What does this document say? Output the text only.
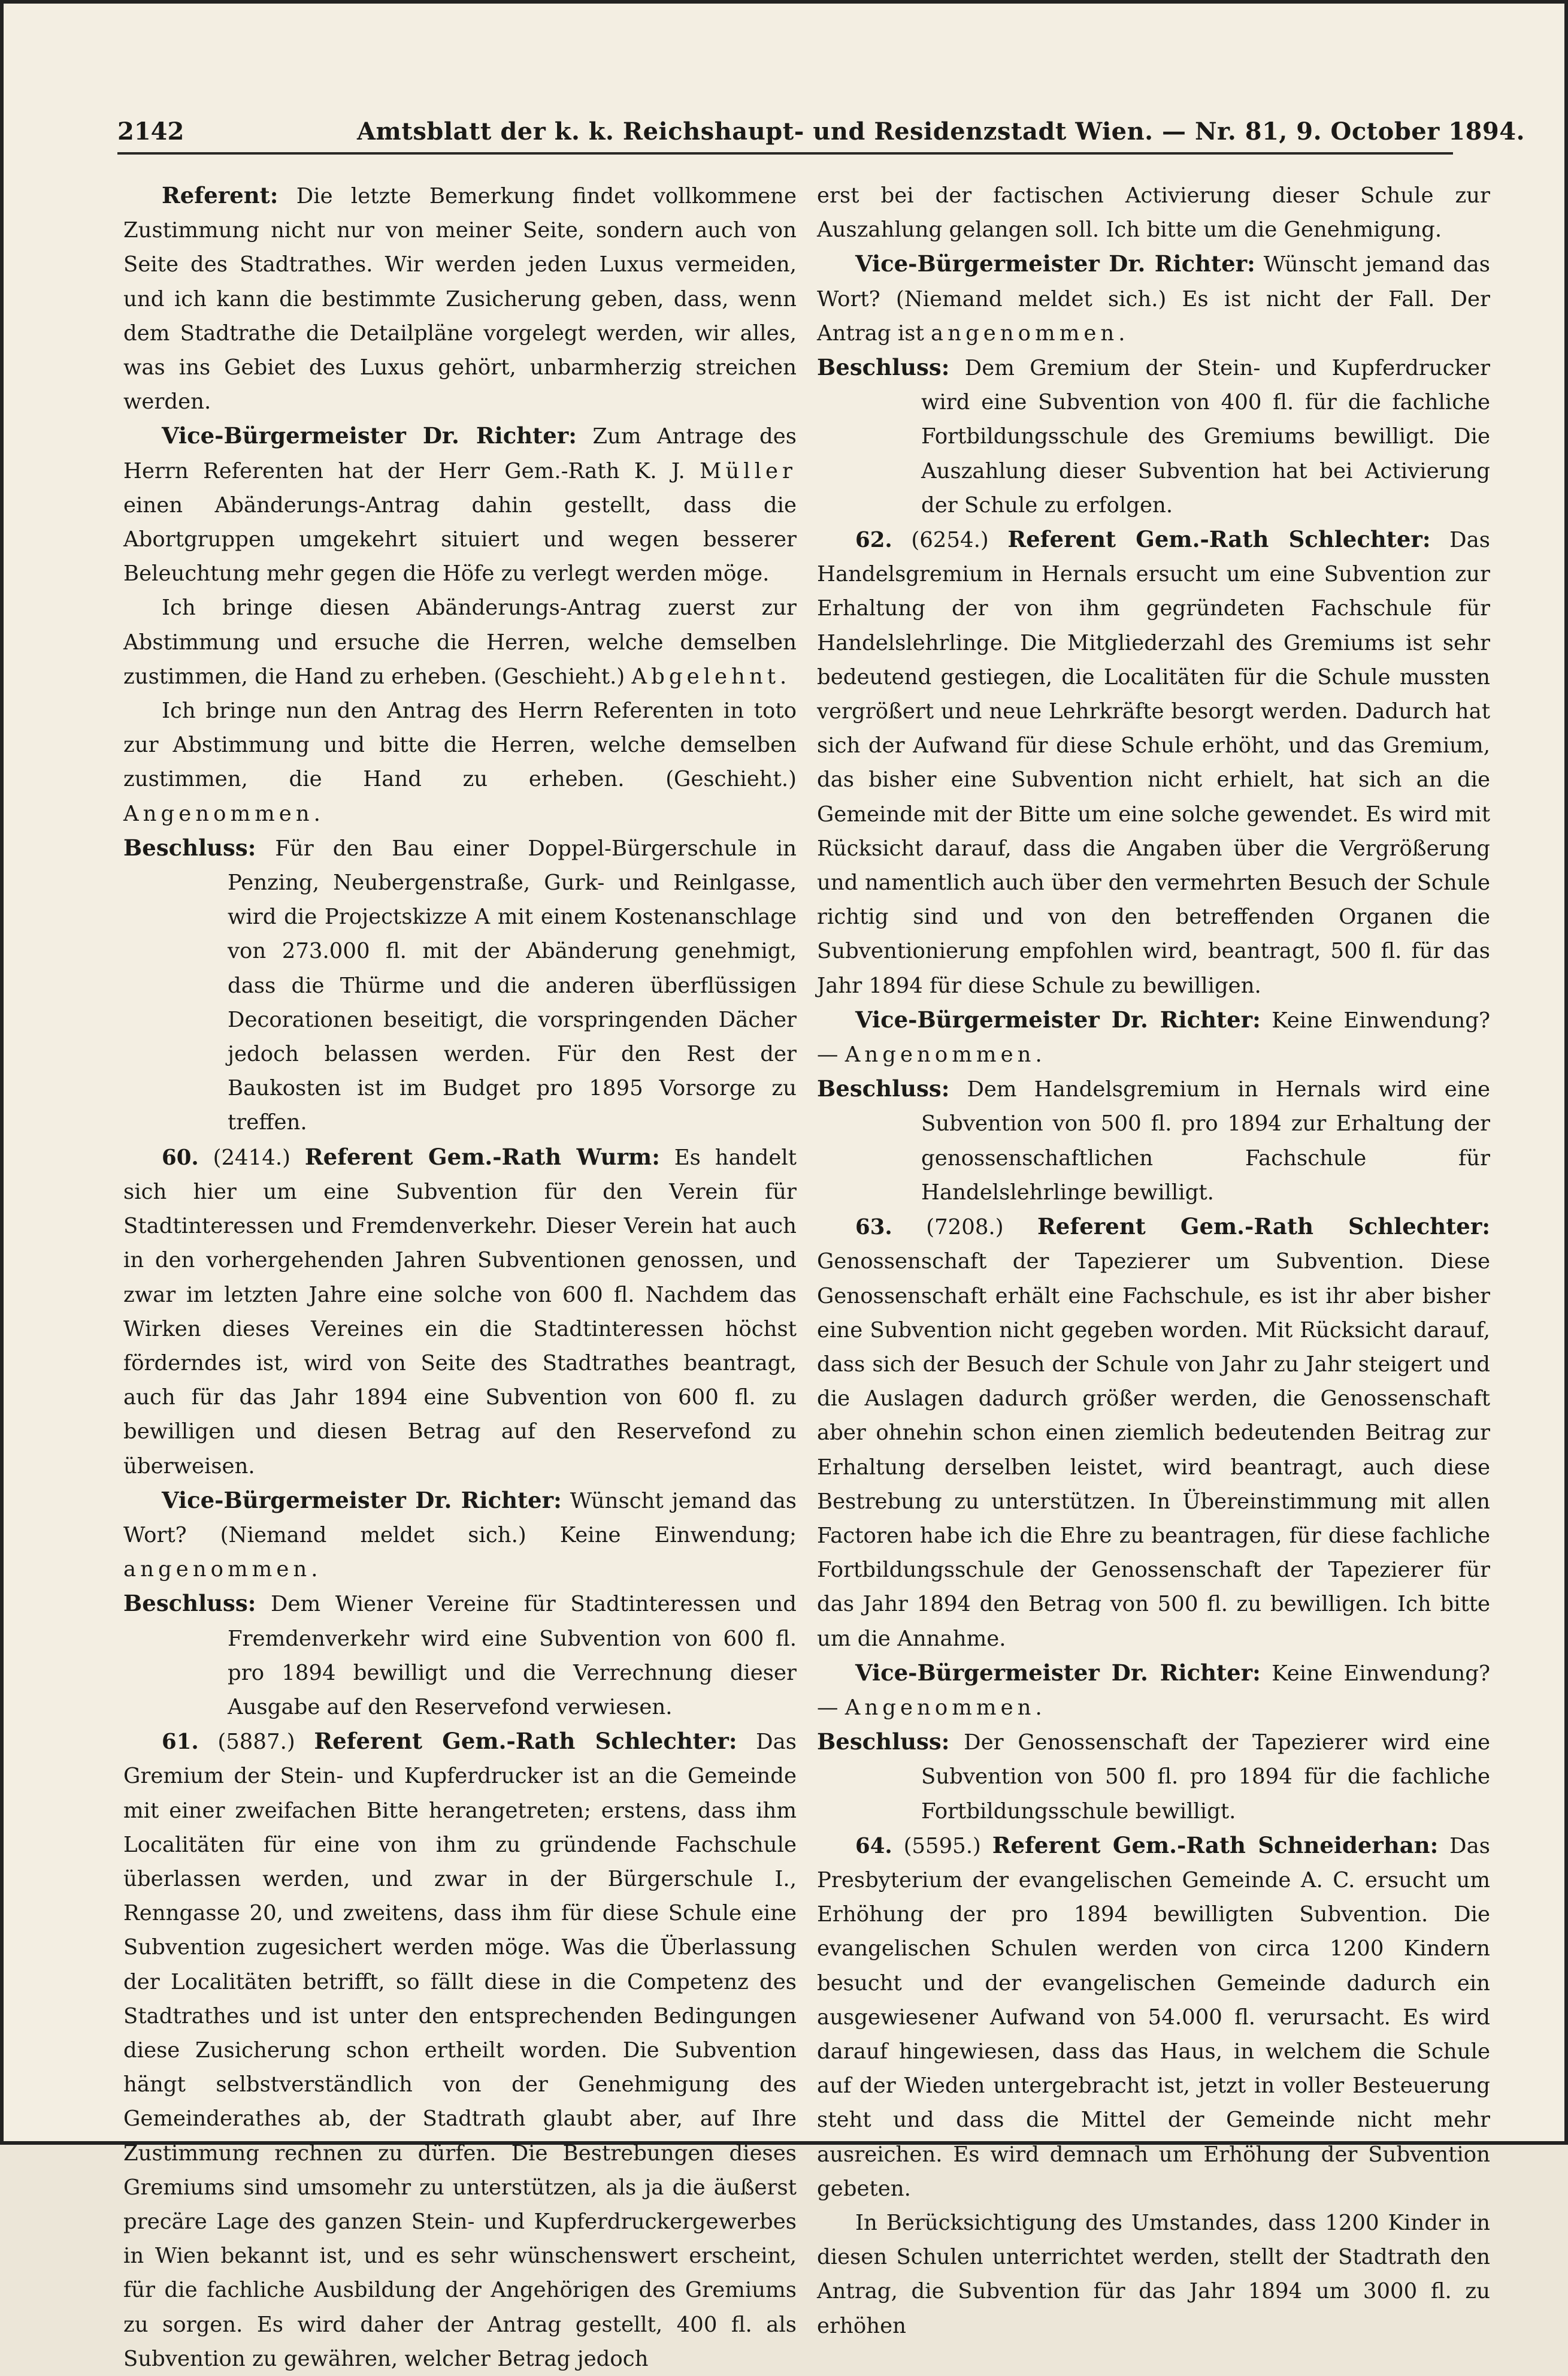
2142	Amtsblatt der k. k. Reichshaupt- und Residenzstadt Wien. — Nr. 81, 9. October 1894.

Referent: Die letzte Bemerkung findet vollkommene Zustimmung nicht nur von meiner Seite, sondern auch von Seite des Stadtrathes. Wir werden jeden Luxus vermeiden, und ich kann die bestimmte Zusicherung geben, dass, wenn dem Stadtrathe die Detailpläne vorgelegt werden, wir alles, was ins Gebiet des Luxus gehört, unbarmherzig streichen werden.

Vice-Bürgermeister Dr. Richter: Zum Antrage des Herrn Referenten hat der Herr Gem.-Rath K. J. Müller einen Abänderungs-Antrag dahin gestellt, dass die Abortgruppen umgekehrt situiert und wegen besserer Beleuchtung mehr gegen die Höfe zu verlegt werden möge.

Ich bringe diesen Abänderungs-Antrag zuerst zur Abstimmung und ersuche die Herren, welche demselben zustimmen, die Hand zu erheben. (Geschieht.) Abgelehnt.

Ich bringe nun den Antrag des Herrn Referenten in toto zur Abstimmung und bitte die Herren, welche demselben zustimmen, die Hand zu erheben. (Geschieht.) Angenommen.

Beschluss: Für den Bau einer Doppel-Bürgerschule in Penzing, Neubergenstraße, Gurk- und Reinlgasse, wird die Projectskizze A mit einem Kostenanschlage von 273.000 fl. mit der Abänderung genehmigt, dass die Thürme und die anderen überflüssigen Decorationen beseitigt, die vorspringenden Dächer jedoch belassen werden. Für den Rest der Baukosten ist im Budget pro 1895 Vorsorge zu treffen.

60. (2414.) Referent Gem.-Rath Wurm: Es handelt sich hier um eine Subvention für den Verein für Stadtinteressen und Fremdenverkehr. Dieser Verein hat auch in den vorhergehenden Jahren Subventionen genossen, und zwar im letzten Jahre eine solche von 600 fl. Nachdem das Wirken dieses Vereines ein die Stadtinteressen höchst förderndes ist, wird von Seite des Stadtrathes beantragt, auch für das Jahr 1894 eine Subvention von 600 fl. zu bewilligen und diesen Betrag auf den Reservefond zu überweisen.

Vice-Bürgermeister Dr. Richter: Wünscht jemand das Wort? (Niemand meldet sich.) Keine Einwendung; angenommen.

Beschluss: Dem Wiener Vereine für Stadtinteressen und Fremdenverkehr wird eine Subvention von 600 fl. pro 1894 bewilligt und die Verrechnung dieser Ausgabe auf den Reservefond verwiesen.

61. (5887.) Referent Gem.-Rath Schlechter: Das Gremium der Stein- und Kupferdrucker ist an die Gemeinde mit einer zweifachen Bitte herangetreten; erstens, dass ihm Localitäten für eine von ihm zu gründende Fachschule überlassen werden, und zwar in der Bürgerschule I., Renngasse 20, und zweitens, dass ihm für diese Schule eine Subvention zugesichert werden möge. Was die Überlassung der Localitäten betrifft, so fällt diese in die Competenz des Stadtrathes und ist unter den entsprechenden Bedingungen diese Zusicherung schon ertheilt worden. Die Subvention hängt selbstverständlich von der Genehmigung des Gemeinderathes ab, der Stadtrath glaubt aber, auf Ihre Zustimmung rechnen zu dürfen. Die Bestrebungen dieses Gremiums sind umsomehr zu unterstützen, als ja die äußerst precäre Lage des ganzen Stein- und Kupferdruckergewerbes in Wien bekannt ist, und es sehr wünschenswert erscheint, für die fachliche Ausbildung der Angehörigen des Gremiums zu sorgen. Es wird daher der Antrag gestellt, 400 fl. als Subvention zu gewähren, welcher Betrag jedoch

erst bei der factischen Activierung dieser Schule zur Auszahlung gelangen soll. Ich bitte um die Genehmigung.

Vice-Bürgermeister Dr. Richter: Wünscht jemand das Wort? (Niemand meldet sich.) Es ist nicht der Fall. Der Antrag ist angenommen.

Beschluss: Dem Gremium der Stein- und Kupferdrucker wird eine Subvention von 400 fl. für die fachliche Fortbildungsschule des Gremiums bewilligt. Die Auszahlung dieser Subvention hat bei Activierung der Schule zu erfolgen.

62. (6254.) Referent Gem.-Rath Schlechter: Das Handelsgremium in Hernals ersucht um eine Subvention zur Erhaltung der von ihm gegründeten Fachschule für Handelslehrlinge. Die Mitgliederzahl des Gremiums ist sehr bedeutend gestiegen, die Localitäten für die Schule mussten vergrößert und neue Lehrkräfte besorgt werden. Dadurch hat sich der Aufwand für diese Schule erhöht, und das Gremium, das bisher eine Subvention nicht erhielt, hat sich an die Gemeinde mit der Bitte um eine solche gewendet. Es wird mit Rücksicht darauf, dass die Angaben über die Vergrößerung und namentlich auch über den vermehrten Besuch der Schule richtig sind und von den betreffenden Organen die Subventionierung empfohlen wird, beantragt, 500 fl. für das Jahr 1894 für diese Schule zu bewilligen.

Vice-Bürgermeister Dr. Richter: Keine Einwendung? — Angenommen.

Beschluss: Dem Handelsgremium in Hernals wird eine Subvention von 500 fl. pro 1894 zur Erhaltung der genossenschaftlichen Fachschule für Handelslehrlinge bewilligt.

63. (7208.) Referent Gem.-Rath Schlechter: Genossenschaft der Tapezierer um Subvention. Diese Genossenschaft erhält eine Fachschule, es ist ihr aber bisher eine Subvention nicht gegeben worden. Mit Rücksicht darauf, dass sich der Besuch der Schule von Jahr zu Jahr steigert und die Auslagen dadurch größer werden, die Genossenschaft aber ohnehin schon einen ziemlich bedeutenden Beitrag zur Erhaltung derselben leistet, wird beantragt, auch diese Bestrebung zu unterstützen. In Übereinstimmung mit allen Factoren habe ich die Ehre zu beantragen, für diese fachliche Fortbildungsschule der Genossenschaft der Tapezierer für das Jahr 1894 den Betrag von 500 fl. zu bewilligen. Ich bitte um die Annahme.

Vice-Bürgermeister Dr. Richter: Keine Einwendung? — Angenommen.

Beschluss: Der Genossenschaft der Tapezierer wird eine Subvention von 500 fl. pro 1894 für die fachliche Fortbildungsschule bewilligt.

64. (5595.) Referent Gem.-Rath Schneiderhan: Das Presbyterium der evangelischen Gemeinde A. C. ersucht um Erhöhung der pro 1894 bewilligten Subvention. Die evangelischen Schulen werden von circa 1200 Kindern besucht und der evangelischen Gemeinde dadurch ein ausgewiesener Aufwand von 54.000 fl. verursacht. Es wird darauf hingewiesen, dass das Haus, in welchem die Schule auf der Wieden untergebracht ist, jetzt in voller Besteuerung steht und dass die Mittel der Gemeinde nicht mehr ausreichen. Es wird demnach um Erhöhung der Subvention gebeten.

In Berücksichtigung des Umstandes, dass 1200 Kinder in diesen Schulen unterrichtet werden, stellt der Stadtrath den Antrag, die Subvention für das Jahr 1894 um 3000 fl. zu erhöhen
